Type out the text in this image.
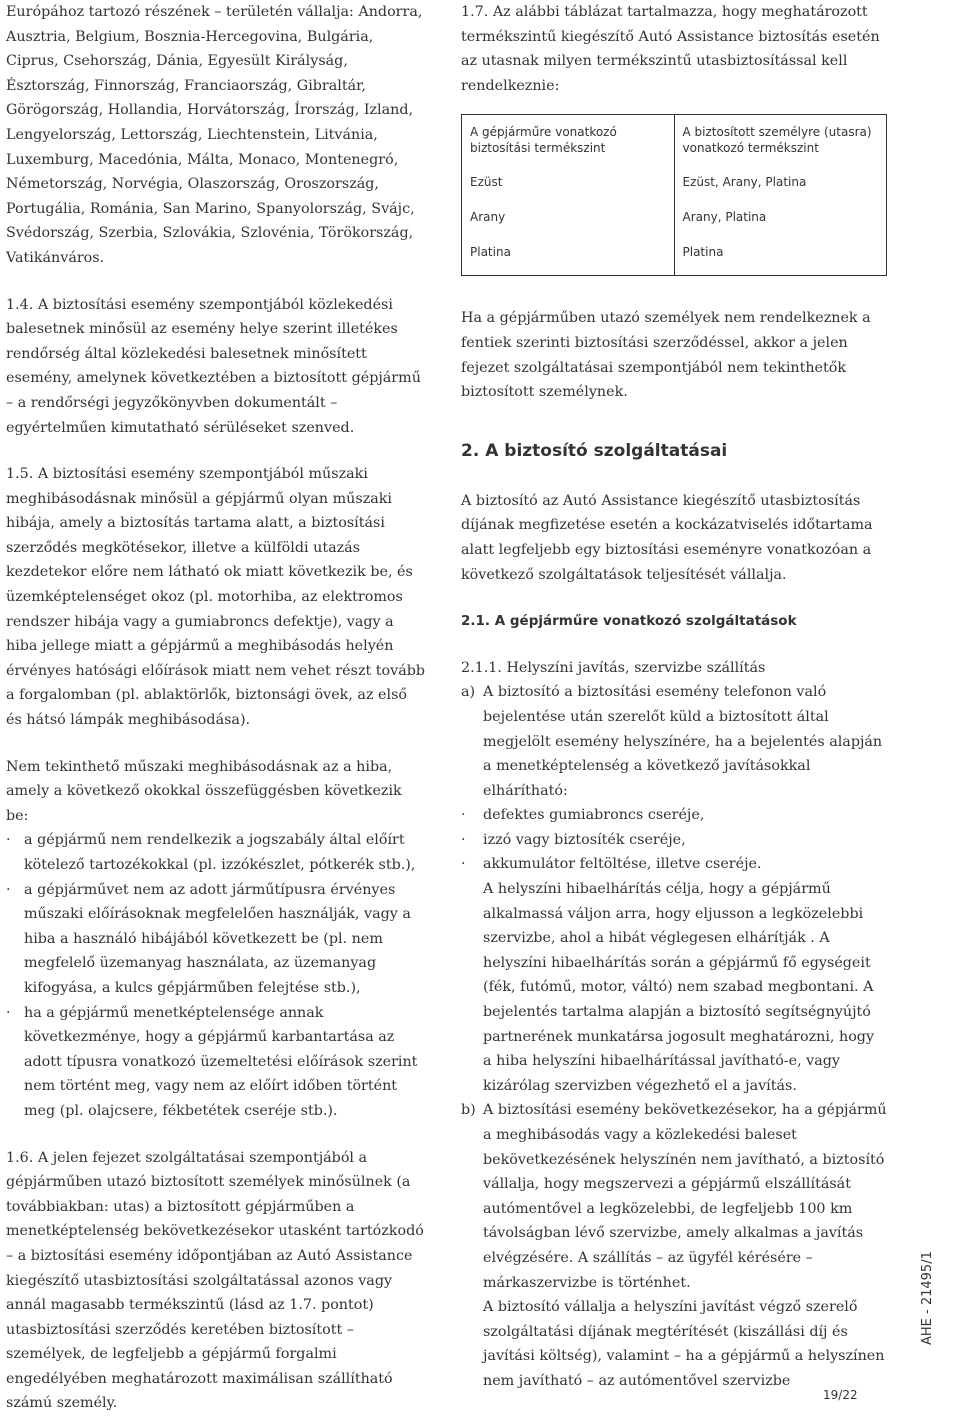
Európához tartozó részének – területén vállalja: Andorra, Ausztria, Belgium, Bosznia-Hercegovina, Bulgária, Ciprus, Csehország, Dánia, Egyesült Királyság, Észtország, Finnország, Franciaország, Gibraltár, Görögország, Hollandia, Horvátország, Írország, Izland, Lengyelország, Lettország, Liechtenstein, Litvánia, Luxemburg, Macedónia, Málta, Monaco, Montenegró, Németország, Norvégia, Olaszország, Oroszország, Portugália, Románia, San Marino, Spanyolország, Svájc, Svédország, Szerbia, Szlovákia, Szlovénia, Törökország, Vatikánváros.

1.4. A biztosítási esemény szempontjából közlekedési balesetnek minősül az esemény helye szerint illetékes rendőrség által közlekedési balesetnek minősített esemény, amelynek következtében a biztosított gépjármű – a rendőrségi jegyzőkönyvben dokumentált – egyértelműen kimutatható sérüléseket szenved.

1.5. A biztosítási esemény szempontjából műszaki meghibásodásnak minősül a gépjármű olyan műszaki hibája, amely a biztosítás tartama alatt, a biztosítási szerződés megkötésekor, illetve a külföldi utazás kezdetekor előre nem látható ok miatt következik be, és üzemképtelenséget okoz (pl. motorhiba, az elektromos rendszer hibája vagy a gumiabroncs defektje), vagy a hiba jellege miatt a gépjármű a meghibásodás helyén érvényes hatósági előírások miatt nem vehet részt tovább a forgalomban (pl. ablaktörlők, biztonsági övek, az első és hátsó lámpák meghibásodása).

Nem tekinthető műszaki meghibásodásnak az a hiba, amely a következő okokkal összefüggésben következik be:

· a gépjármű nem rendelkezik a jogszabály által előírt kötelező tartozékokkal (pl. izzókészlet, pótkerék stb.),
· a gépjárművet nem az adott járműtípusra érvényes műszaki előírásoknak megfelelően használják, vagy a hiba a használó hibájából következett be (pl. nem megfelelő üzemanyag használata, az üzemanyag kifogyása, a kulcs gépjárműben felejtése stb.),
· ha a gépjármű menetképtelensége annak következménye, hogy a gépjármű karbantartása az adott típusra vonatkozó üzemeltetési előírások szerint nem történt meg, vagy nem az előírt időben történt meg (pl. olajcsere, fékbetétek cseréje stb.).

1.6. A jelen fejezet szolgáltatásai szempontjából a gépjárműben utazó biztosított személyek minősülnek (a továbbiakban: utas) a biztosított gépjárműben a menetképtelenség bekövetkezésekor utasként tartózkodó – a biztosítási esemény időpontjában az Autó Assistance kiegészítő utasbiztosítási szolgáltatással azonos vagy annál magasabb termékszintű (lásd az 1.7. pontot) utasbiztosítási szerződés keretében biztosított – személyek, de legfeljebb a gépjármű forgalmi engedélyében meghatározott maximálisan szállítható számú személy.

1.7. Az alábbi táblázat tartalmazza, hogy meghatározott termékszintű kiegészítő Autó Assistance biztosítás esetén az utasnak milyen termékszintű utasbiztosítással kell rendelkeznie:

A gépjárműre vonatkozó biztosítási termékszint	A biztosított személyre (utasra) vonatkozó termékszint
Ezüst	Ezüst, Arany, Platina
Arany	Arany, Platina
Platina	Platina

Ha a gépjárműben utazó személyek nem rendelkeznek a fentiek szerinti biztosítási szerződéssel, akkor a jelen fejezet szolgáltatásai szempontjából nem tekinthetők biztosított személynek.

2. A biztosító szolgáltatásai

A biztosító az Autó Assistance kiegészítő utasbiztosítás díjának megfizetése esetén a kockázatviselés időtartama alatt legfeljebb egy biztosítási eseményre vonatkozóan a következő szolgáltatások teljesítését vállalja.

2.1. A gépjárműre vonatkozó szolgáltatások

2.1.1. Helyszíni javítás, szervizbe szállítás

a) A biztosító a biztosítási esemény telefonon való bejelentése után szerelőt küld a biztosított által megjelölt esemény helyszínére, ha a bejelentés alapján a menetképtelenség a következő javításokkal elhárítható:
· defektes gumiabroncs cseréje,
· izzó vagy biztosíték cseréje,
· akkumulátor feltöltése, illetve cseréje.

A helyszíni hibaelhárítás célja, hogy a gépjármű alkalmassá váljon arra, hogy eljusson a legközelebbi szervizbe, ahol a hibát véglegesen elhárítják . A helyszíni hibaelhárítás során a gépjármű fő egységeit (fék, futómű, motor, váltó) nem szabad megbontani. A bejelentés tartalma alapján a biztosító segítségnyújtó partnerének munkatársa jogosult meghatározni, hogy a hiba helyszíni hibaelhárítással javítható-e, vagy kizárólag szervizben végezhető el a javítás.

b) A biztosítási esemény bekövetkezésekor, ha a gépjármű a meghibásodás vagy a közlekedési baleset bekövetkezésének helyszínén nem javítható, a biztosító vállalja, hogy megszervezi a gépjármű elszállítását autómentővel a legközelebbi, de legfeljebb 100 km távolságban lévő szervizbe, amely alkalmas a javítás elvégzésére. A szállítás – az ügyfél kérésére – márkaszervizbe is történhet.

A biztosító vállalja a helyszíni javítást végző szerelő szolgáltatási díjának megtérítését (kiszállási díj és javítási költség), valamint – ha a gépjármű a helyszínen nem javítható – az autómentővel szervizbe

AHE - 21495/1
19/22
